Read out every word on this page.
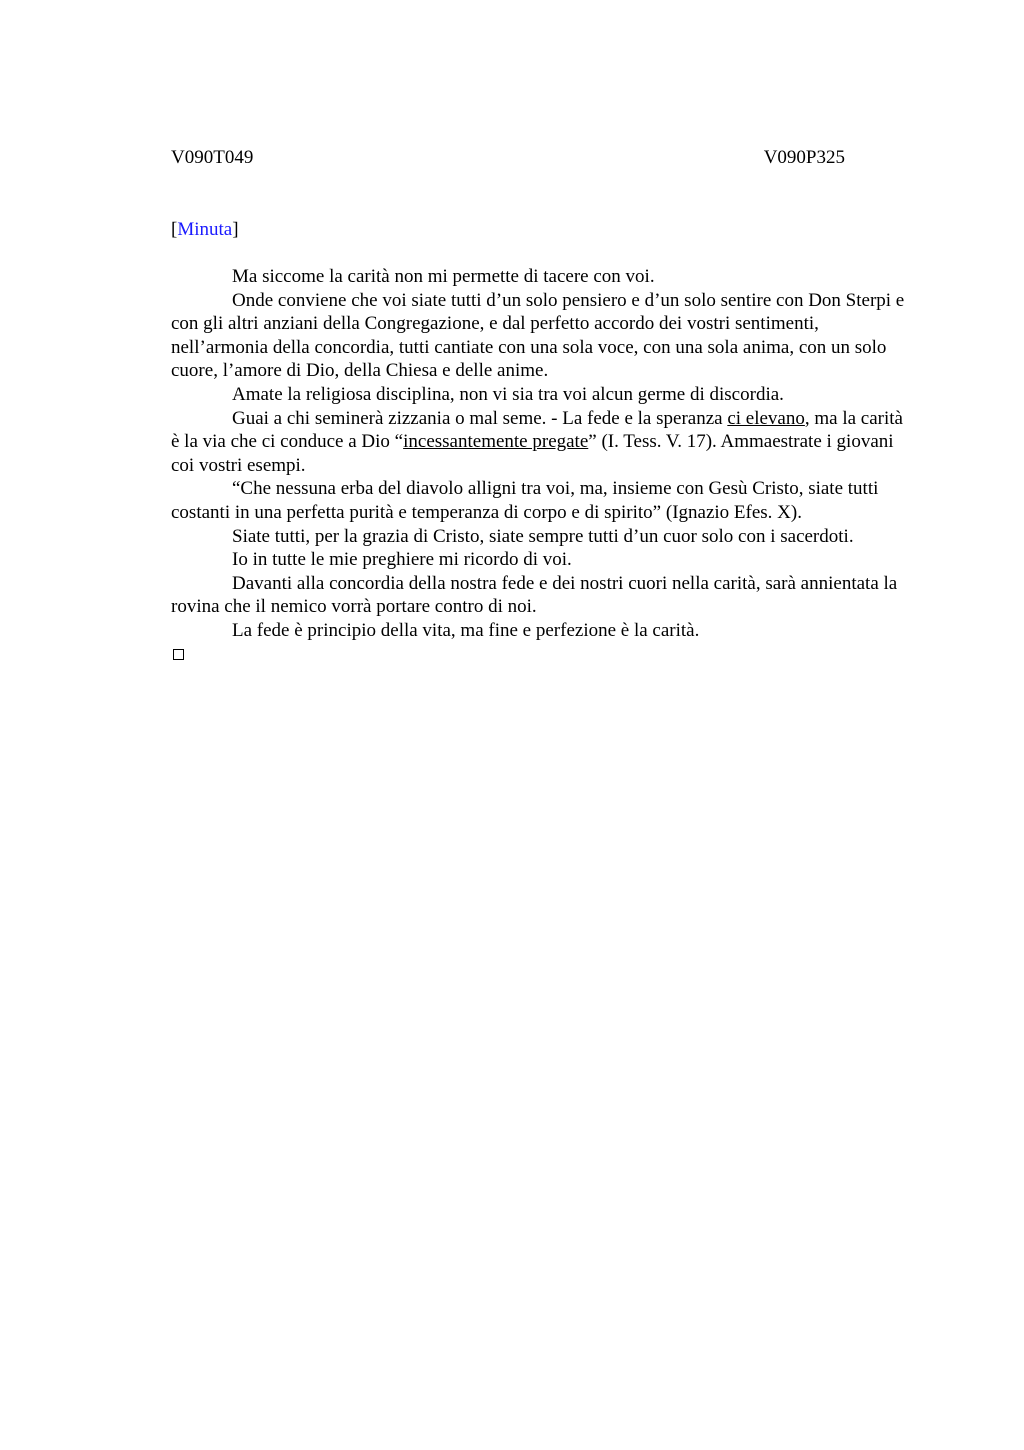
V090T049	V090P325
[Minuta]

Ma siccome la carità non mi permette di tacere con voi.

Onde conviene che voi siate tutti d’un solo pensiero e d’un solo sentire con Don Sterpi e con gli altri anziani della Congregazione, e dal perfetto accordo dei vostri sentimenti, nell’armonia della concordia, tutti cantiate con una sola voce, con una sola anima, con un solo cuore, l’amore di Dio, della Chiesa e delle anime.

Amate la religiosa disciplina, non vi sia tra voi alcun germe di discordia.

Guai a chi seminerà zizzania o mal seme. - La fede e la speranza ci elevano, ma la carità è la via che ci conduce a Dio “incessantemente pregate” (I. Tess. V. 17). Ammaestrate i giovani coi vostri esempi.

“Che nessuna erba del diavolo alligni tra voi, ma, insieme con Gesù Cristo, siate tutti costanti in una perfetta purità e temperanza di corpo e di spirito” (Ignazio Efes. X).

Siate tutti, per la grazia di Cristo, siate sempre tutti d’un cuor solo con i sacerdoti.

Io in tutte le mie preghiere mi ricordo di voi.

Davanti alla concordia della nostra fede e dei nostri cuori nella carità, sarà annientata la rovina che il nemico vorrà portare contro di noi.

La fede è principio della vita, ma fine e perfezione è la carità.
